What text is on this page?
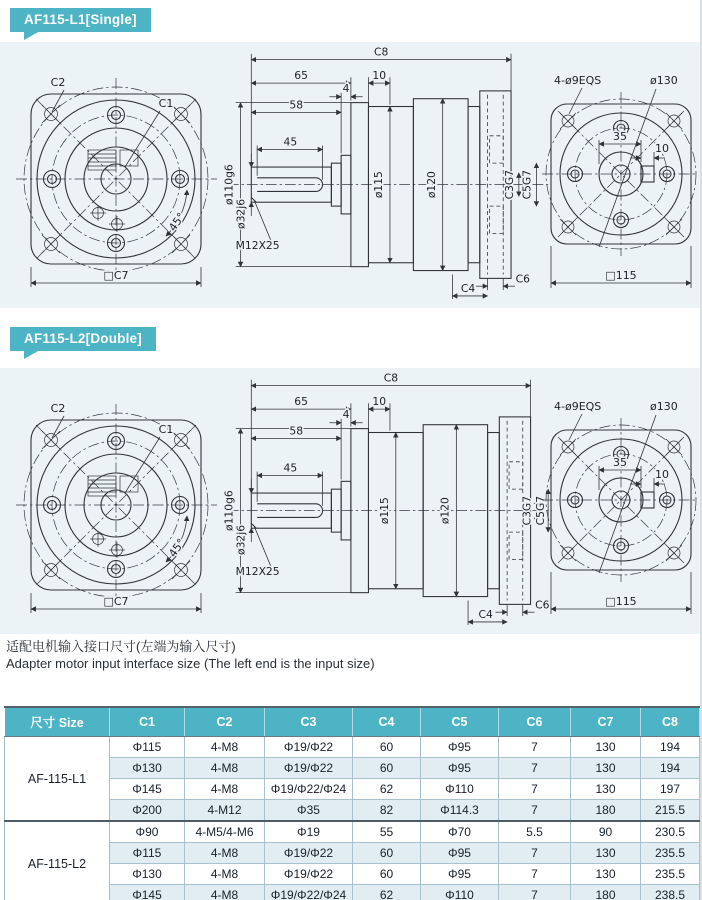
AF115-L1[Single]
C2
C1
45°
□C7
ø110g6
C8
65	10
4
58
45
ø32j6
M12X25
ø115	ø120	C3G7 C5G7
C6
C4
4-ø9EQS	ø130
35
10
□115
AF115-L2[Double]
C2
C1
45°
□C7
ø110g6
C8
65	10
4
58
45
ø32j6
M12X25
ø115	ø120	C3G7 C5G7
C6
C4
4-ø9EQS	ø130
35
10
□115
适配电机输入接口尺寸(左端为输入尺寸)
Adapter motor input interface size (The left end is the input size)
尺寸 Size	C1	C2	C3	C4	C5	C6	C7	C8
AF-115-L1	Φ115	4-M8	Φ19/Φ22	60	Φ95	7	130	194
	Φ130	4-M8	Φ19/Φ22	60	Φ95	7	130	194
	Φ145	4-M8	Φ19/Φ22/Φ24	62	Φ110	7	130	197
	Φ200	4-M12	Φ35	82	Φ114.3	7	180	215.5
AF-115-L2	Φ90	4-M5/4-M6	Φ19	55	Φ70	5.5	90	230.5
	Φ115	4-M8	Φ19/Φ22	60	Φ95	7	130	235.5
	Φ130	4-M8	Φ19/Φ22	60	Φ95	7	130	235.5
	Φ145	4-M8	Φ19/Φ22/Φ24	62	Φ110	7	180	238.5
